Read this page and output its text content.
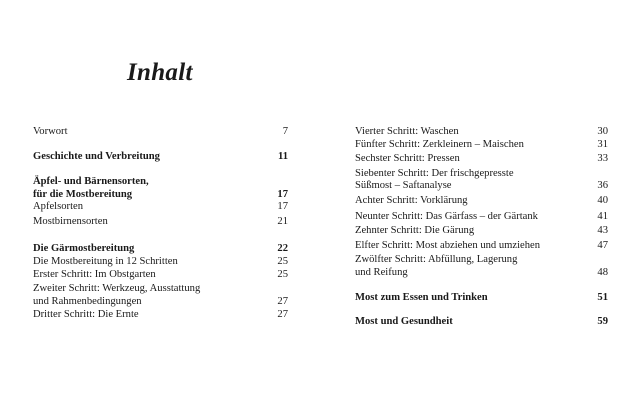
Inhalt
Vorwort	7
Geschichte und Verbreitung	11
Äpfel- und Bärnensorten,
für die Mostbereitung	17
Apfelsorten	17
Mostbirnensorten	21
Die Gärmostbereitung	22
Die Mostbereitung in 12 Schritten	25
Erster Schritt: Im Obstgarten	25
Zweiter Schritt: Werkzeug, Ausstattung
und Rahmenbedingungen	27
Dritter Schritt: Die Ernte	27
Vierter Schritt: Waschen	30
Fünfter Schritt: Zerkleinern – Maischen	31
Sechster Schritt: Pressen	33
Siebenter Schritt: Der frischgepresste
Süßmost – Saftanalyse	36
Achter Schritt: Vorklärung	40
Neunter Schritt: Das Gärfass – der Gärtank	41
Zehnter Schritt: Die Gärung	43
Elfter Schritt: Most abziehen und umziehen	47
Zwölfter Schritt: Abfüllung, Lagerung
und Reifung	48
Most zum Essen und Trinken	51
Most und Gesundheit	59
